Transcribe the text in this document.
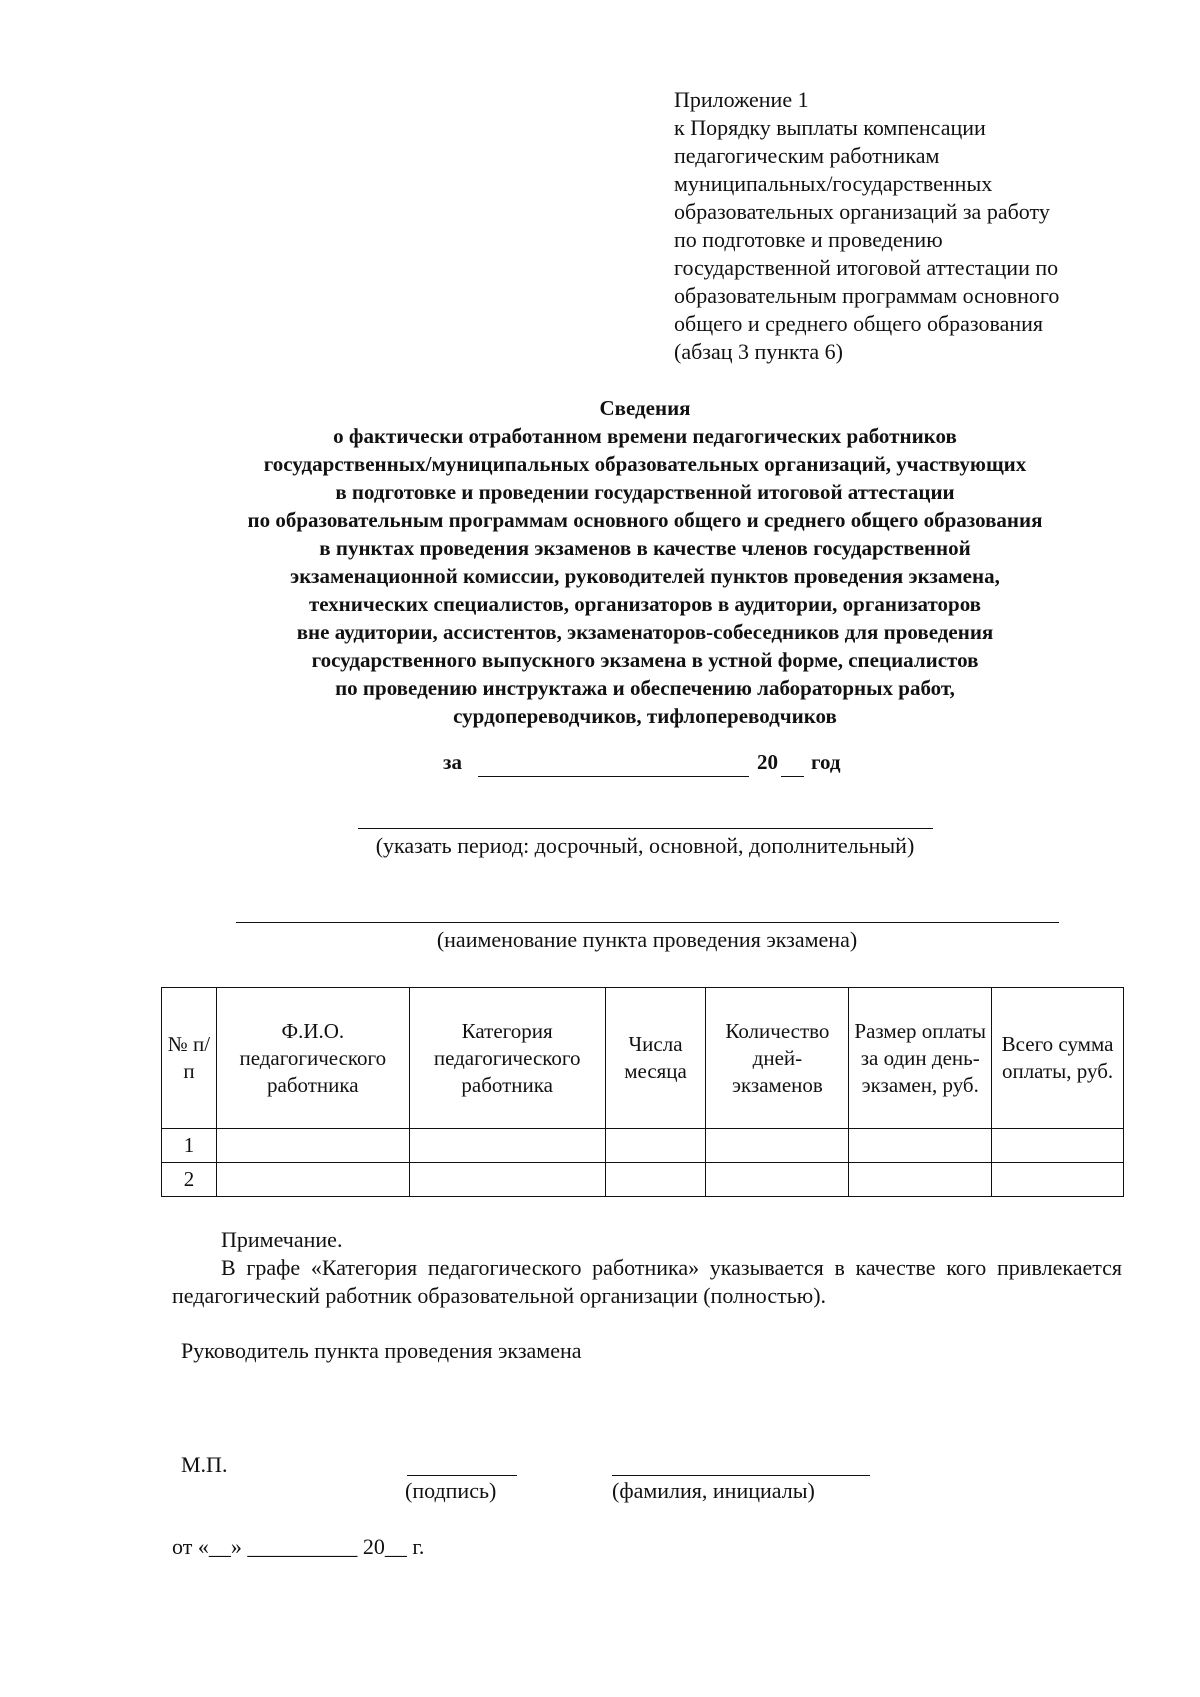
Приложение 1
к Порядку выплаты компенсации
педагогическим работникам
муниципальных/государственных
образовательных организаций за работу
по подготовке и проведению
государственной итоговой аттестации по
образовательным программам основного
общего и среднего общего образования
(абзац 3 пункта 6)
Сведения
о фактически отработанном времени педагогических работников
государственных/муниципальных образовательных организаций, участвующих
в подготовке и проведении государственной итоговой аттестации
по образовательным программам основного общего и среднего общего образования
в пунктах проведения экзаменов в качестве членов государственной
экзаменационной комиссии, руководителей пунктов проведения экзамена,
технических специалистов, организаторов в аудитории, организаторов
вне аудитории, ассистентов, экзаменаторов-собеседников для проведения
государственного выпускного экзамена в устной форме, специалистов
по проведению инструктажа и обеспечению лабораторных работ,
сурдопереводчиков, тифлопереводчиков
за	20 год
(указать период: досрочный, основной, дополнительный)
(наименование пункта проведения экзамена)
№ п/п	Ф.И.О. педагогического работника	Категория педагогического работника	Числа месяца	Количество дней-экзаменов	Размер оплаты за один день-экзамен, руб.	Всего сумма оплаты, руб.
1						
2						
Примечание.
В графе «Категория педагогического работника» указывается в качестве кого привлекается педагогический работник образовательной организации (полностью).
Руководитель пункта проведения экзамена
М.П.
(подпись)	(фамилия, инициалы)
от «__» __________ 20__ г.
